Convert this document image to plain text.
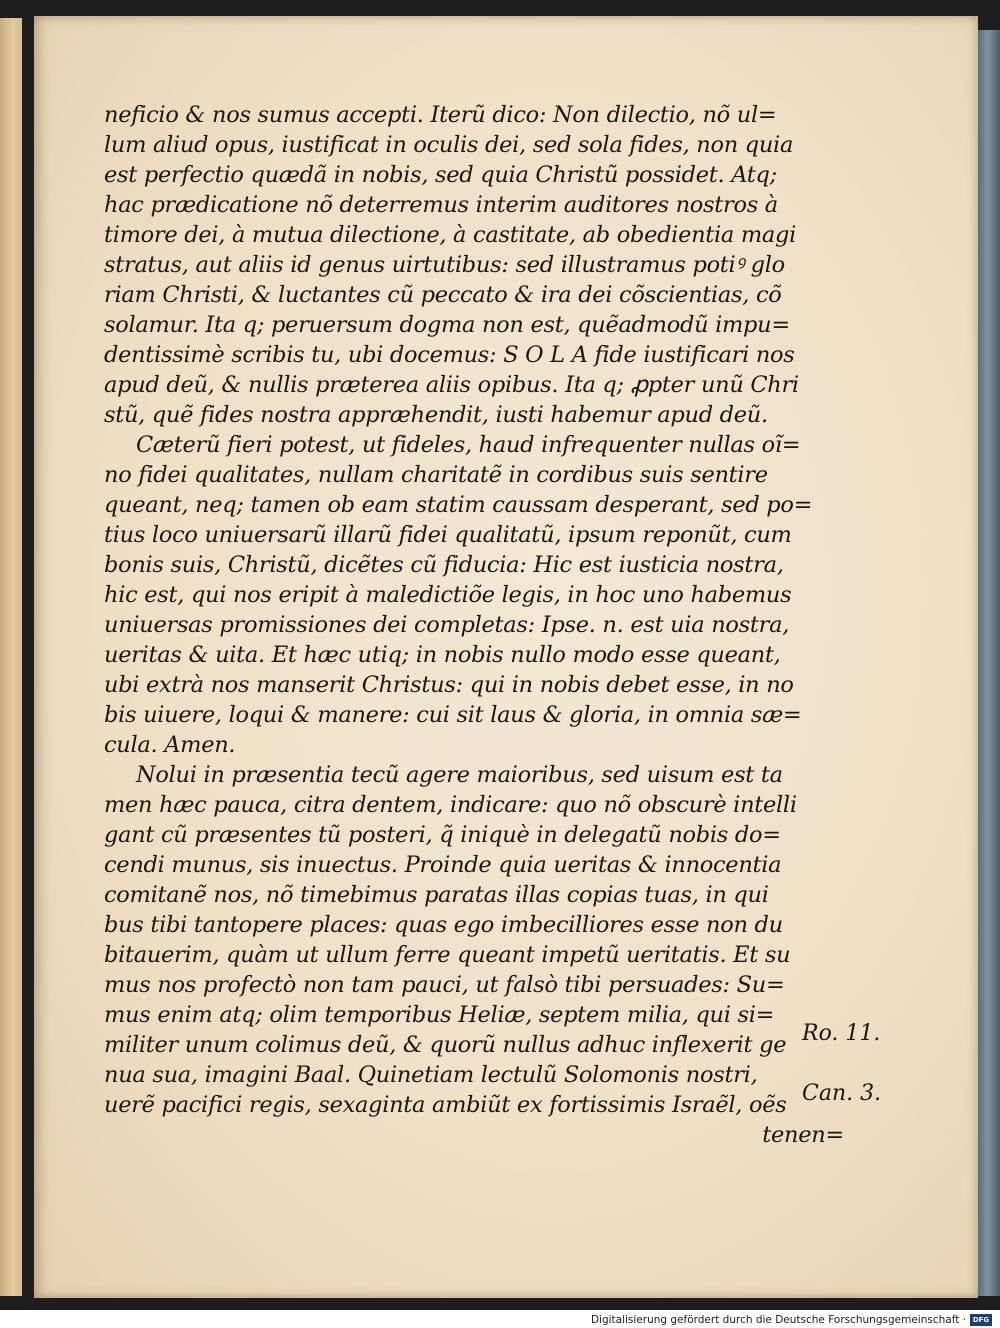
neficio & nos sumus accepti. Iterũ dico: Non dilectio, nõ ul=
lum aliud opus, iustificat in oculis dei, sed sola fides, non quia
est perfectio quædã in nobis, sed quia Christũ possidet. Atq;
hac prædicatione nõ deterremus interim auditores nostros à
timore dei, à mutua dilectione, à castitate, ab obedientia magi
stratus, aut aliis id genus uirtutibus: sed illustramus potiꝰ glo
riam Christi, & luctantes cũ peccato & ira dei cõscientias, cõ
solamur. Ita q; peruersum dogma non est, quẽadmodũ impu=
dentissimè scribis tu, ubi docemus: S O L A fide iustificari nos
apud deũ, & nullis præterea aliis opibus. Ita q; ꝓpter unũ Chri
stũ, quẽ fides nostra appræhendit, iusti habemur apud deũ.
Cæterũ fieri potest, ut fideles, haud infrequenter nullas oĩ=
no fidei qualitates, nullam charitatẽ in cordibus suis sentire
queant, neq; tamen ob eam statim caussam desperant, sed po=
tius loco uniuersarũ illarũ fidei qualitatũ, ipsum reponũt, cum
bonis suis, Christũ, dicẽtes cũ fiducia: Hic est iusticia nostra,
hic est, qui nos eripit à maledictiõe legis, in hoc uno habemus
uniuersas promissiones dei completas: Ipse. n. est uia nostra,
ueritas & uita. Et hæc utiq; in nobis nullo modo esse queant,
ubi extrà nos manserit Christus: qui in nobis debet esse, in no
bis uiuere, loqui & manere: cui sit laus & gloria, in omnia sæ=
cula. Amen.
Nolui in præsentia tecũ agere maioribus, sed uisum est ta
men hæc pauca, citra dentem, indicare: quo nõ obscurè intelli
gant cũ præsentes tũ posteri, q̃ iniquè in delegatũ nobis do=
cendi munus, sis inuectus. Proinde quia ueritas & innocentia
comitanẽ nos, nõ timebimus paratas illas copias tuas, in qui
bus tibi tantopere places: quas ego imbecilliores esse non du
bitauerim, quàm ut ullum ferre queant impetũ ueritatis. Et su
mus nos profectò non tam pauci, ut falsò tibi persuades: Su=
mus enim atq; olim temporibus Heliæ, septem milia, qui si=
militer unum colimus deũ, & quorũ nullus adhuc inflexerit ge
nua sua, imagini Baal. Quinetiam lectulũ Solomonis nostri,
uerẽ pacifici regis, sexaginta ambiũt ex fortissimis Israẽl, oẽs
tenen=
Ro. 11.
Can. 3.
Digitalisierung gefördert durch die Deutsche Forschungsgemeinschaft · DFG
